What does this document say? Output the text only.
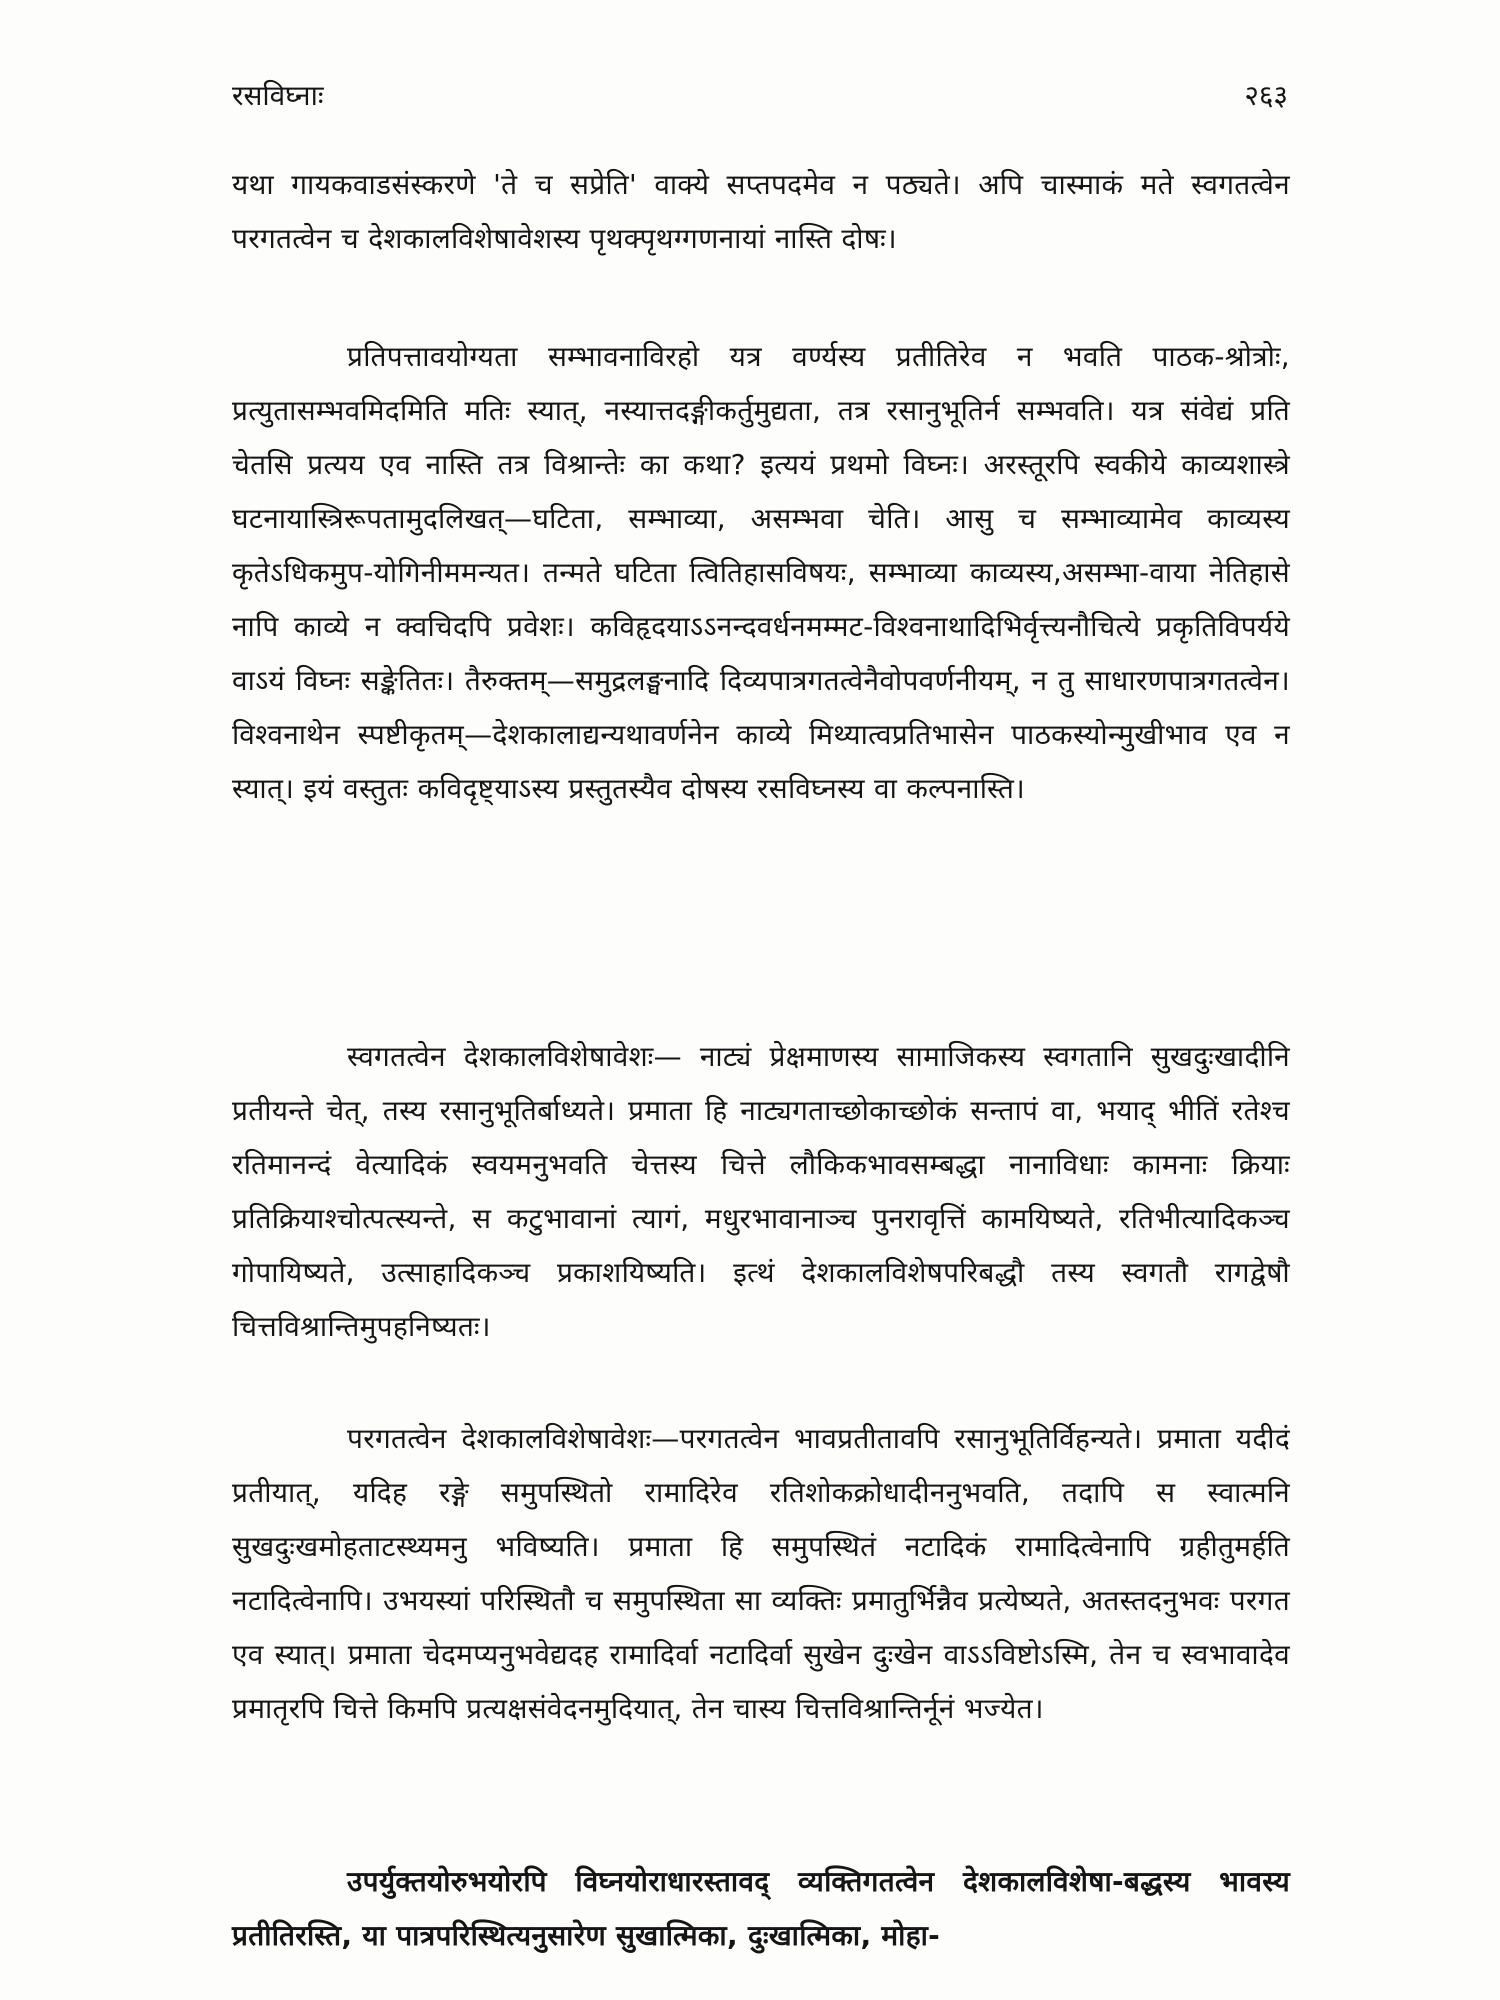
रसविघ्नाः	२६३
यथा गायकवाडसंस्करणे 'ते च सप्रेति' वाक्ये सप्तपदमेव न पठ्यते। अपि चास्माकं मते स्वगतत्वेन परगतत्वेन च देशकालविशेषावेशस्य पृथक्पृथग्गणनायां नास्ति दोषः।
प्रतिपत्तावयोग्यता सम्भावनाविरहो यत्र वर्ण्यस्य प्रतीतिरेव न भवति पाठक-श्रोत्रोः, प्रत्युतासम्भवमिदमिति मतिः स्यात्, नस्यात्तदङ्गीकर्तुमुद्यता, तत्र रसानुभूतिर्न सम्भवति। यत्र संवेद्यं प्रति चेतसि प्रत्यय एव नास्ति तत्र विश्रान्तेः का कथा? इत्ययं प्रथमो विघ्नः। अरस्तूरपि स्वकीये काव्यशास्त्रे घटनायास्त्रिरूपतामुदलिखत्—घटिता, सम्भाव्या, असम्भवा चेति। आसु च सम्भाव्यामेव काव्यस्य कृतेऽधिकमुप-योगिनीममन्यत। तन्मते घटिता त्वितिहासविषयः, सम्भाव्या काव्यस्य,असम्भा-वाया नेतिहासे नापि काव्ये न क्वचिदपि प्रवेशः। कविहृदयाऽऽनन्दवर्धनमम्मट-विश्वनाथादिभिर्वृत्त्यनौचित्ये प्रकृतिविपर्यये वाऽयं विघ्नः सङ्केतितः। तैरुक्तम्—समुद्रलङ्घनादि दिव्यपात्रगतत्वेनैवोपवर्णनीयम्, न तु साधारणपात्रगतत्वेन। विश्वनाथेन स्पष्टीकृतम्—देशकालाद्यन्यथावर्णनेन काव्ये मिथ्यात्वप्रतिभासेन पाठकस्योन्मुखीभाव एव न स्यात्। इयं वस्तुतः कविदृष्ट्याऽस्य प्रस्तुतस्यैव दोषस्य रसविघ्नस्य वा कल्पनास्ति।
स्वगतत्वेन देशकालविशेषावेशः— नाट्यं प्रेक्षमाणस्य सामाजिकस्य स्वगतानि सुखदुःखादीनि प्रतीयन्ते चेत्, तस्य रसानुभूतिर्बाध्यते। प्रमाता हि नाट्यगताच्छोकाच्छोकं सन्तापं वा, भयाद् भीतिं रतेश्च रतिमानन्दं वेत्यादिकं स्वयमनुभवति चेत्तस्य चित्ते लौकिकभावसम्बद्धा नानाविधाः कामनाः क्रियाः प्रतिक्रियाश्चोत्पत्स्यन्ते, स कटुभावानां त्यागं, मधुरभावानाञ्च पुनरावृत्तिं कामयिष्यते, रतिभीत्यादिकञ्च गोपायिष्यते, उत्साहादिकञ्च प्रकाशयिष्यति। इत्थं देशकालविशेषपरिबद्धौ तस्य स्वगतौ रागद्वेषौ चित्तविश्रान्तिमुपहनिष्यतः।
परगतत्वेन देशकालविशेषावेशः—परगतत्वेन भावप्रतीतावपि रसानुभूतिर्विहन्यते। प्रमाता यदीदं प्रतीयात्, यदिह रङ्गे समुपस्थितो रामादिरेव रतिशोकक्रोधादीननुभवति, तदापि स स्वात्मनि सुखदुःखमोहताटस्थ्यमनु भविष्यति। प्रमाता हि समुपस्थितं नटादिकं रामादित्वेनापि ग्रहीतुमर्हति नटादित्वेनापि। उभयस्यां परिस्थितौ च समुपस्थिता सा व्यक्तिः प्रमातुर्भिन्नैव प्रत्येष्यते, अतस्तदनुभवः परगत एव स्यात्। प्रमाता चेदमप्यनुभवेद्यदह रामादिर्वा नटादिर्वा सुखेन दुःखेन वाऽऽविष्टोऽस्मि, तेन च स्वभावादेव प्रमातृरपि चित्ते किमपि प्रत्यक्षसंवेदनमुदियात्, तेन चास्य चित्तविश्रान्तिर्नूनं भज्येत।
उपर्युक्तयोरुभयोरपि विघ्नयोराधारस्तावद् व्यक्तिगतत्वेन देशकालविशेषा-बद्धस्य भावस्य प्रतीतिरस्ति, या पात्रपरिस्थित्यनुसारेण सुखात्मिका, दुःखात्मिका, मोहा-
